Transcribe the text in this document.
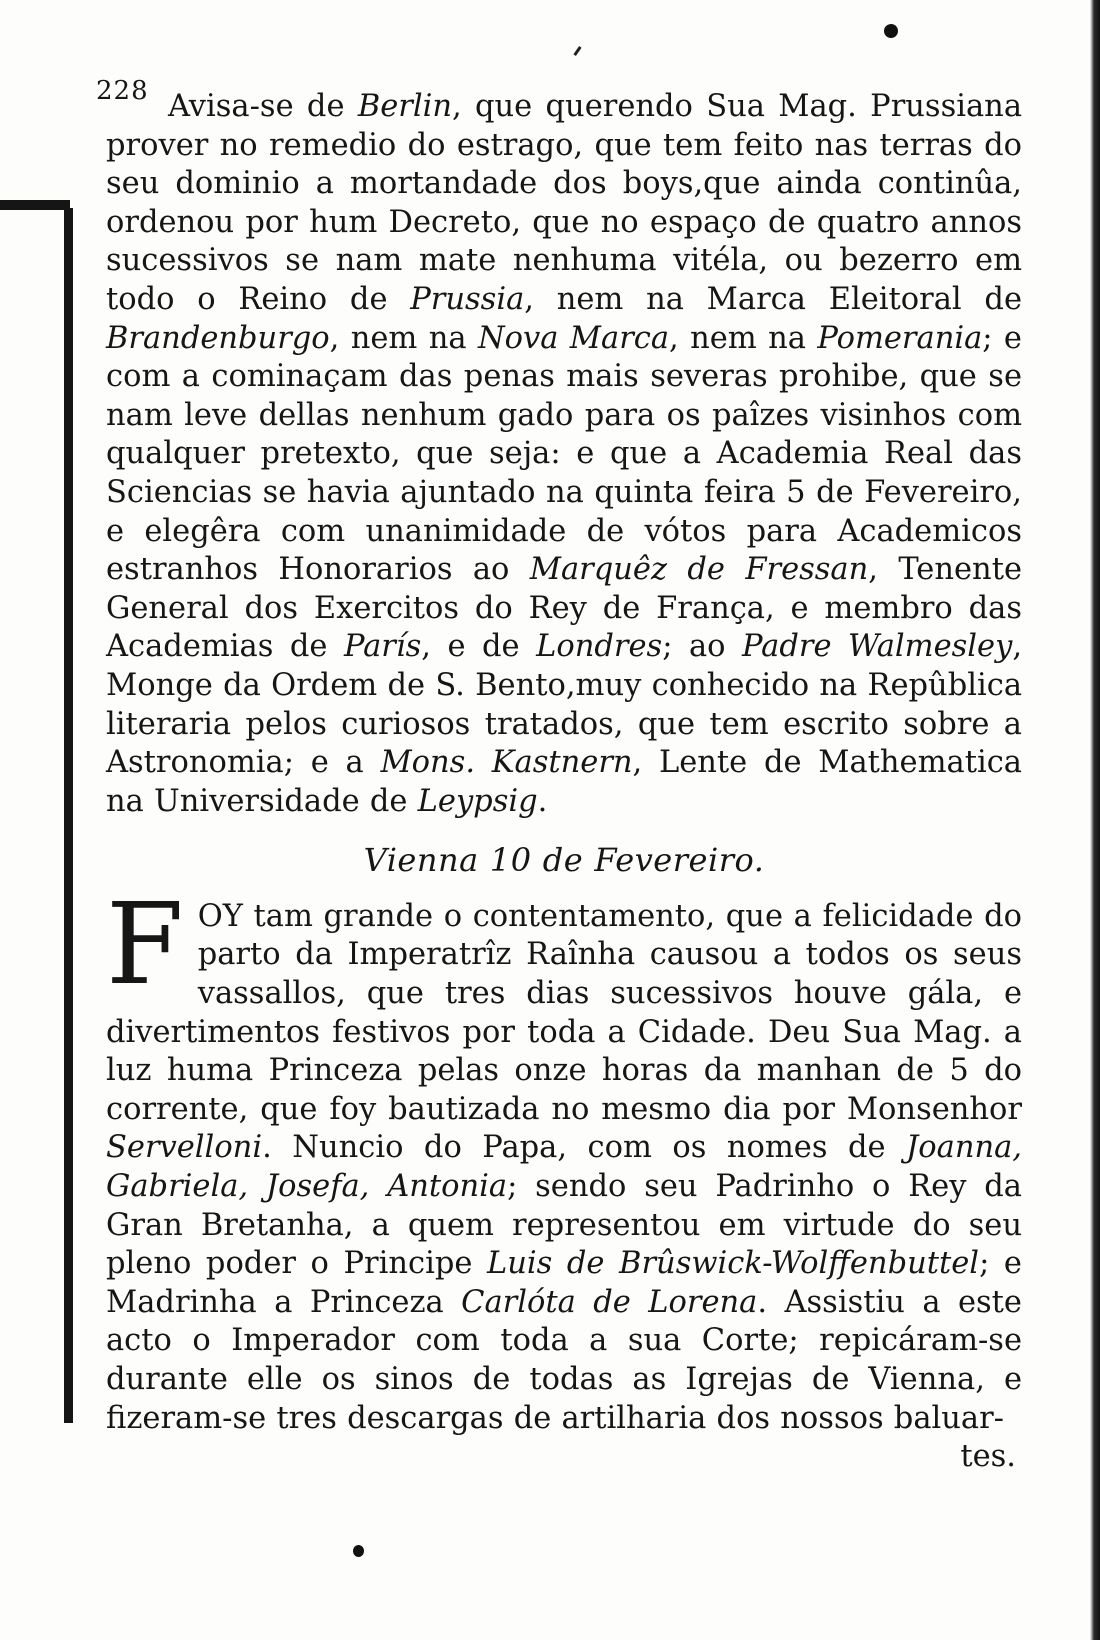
228 Avisa-se de Berlin, que querendo Sua Mag. Prussiana prover no remedio do estrago, que tem feito nas terras do seu dominio a mortandade dos boys,que ainda continûa, ordenou por hum Decreto, que no espaço de quatro annos sucessivos se nam mate nenhuma vitéla, ou bezerro em todo o Reino de Prussia, nem na Marca Eleitoral de Brandenburgo, nem na Nova Marca, nem na Pomerania; e com a cominaçam das penas mais severas prohibe, que se nam leve dellas nenhum gado para os paîzes visinhos com qualquer pretexto, que seja: e que a Academia Real das Sciencias se havia ajuntado na quinta feira 5 de Fevereiro, e elegêra com unanimidade de vótos para Academicos estranhos Honorarios ao Marquêz de Fressan, Tenente General dos Exercitos do Rey de França, e membro das Academias de París, e de Londres; ao Padre Walmesley, Monge da Ordem de S. Bento,muy conhecido na Repûblica literaria pelos curiosos tratados, que tem escrito sobre a Astronomia; e a Mons. Kastnern, Lente de Mathematica na Universidade de Leypsig.

Vienna 10 de Fevereiro.

FOY tam grande o contentamento, que a felicidade do parto da Imperatrîz Raînha causou a todos os seus vassallos, que tres dias sucessivos houve gála, e divertimentos festivos por toda a Cidade. Deu Sua Mag. a luz huma Princeza pelas onze horas da manhan de 5 do corrente, que foy bautizada no mesmo dia por Monsenhor Servelloni. Nuncio do Papa, com os nomes de Joanna, Gabriela, Josefa, Antonia; sendo seu Padrinho o Rey da Gran Bretanha, a quem representou em virtude do seu pleno poder o Principe Luis de Brûswick-Wolffenbuttel; e Madrinha a Princeza Carlóta de Lorena. Assistiu a este acto o Imperador com toda a sua Corte; repicáram-se durante elle os sinos de todas as Igrejas de Vienna, e fizeram-se tres descargas de artilharia dos nossos baluar-

tes.
